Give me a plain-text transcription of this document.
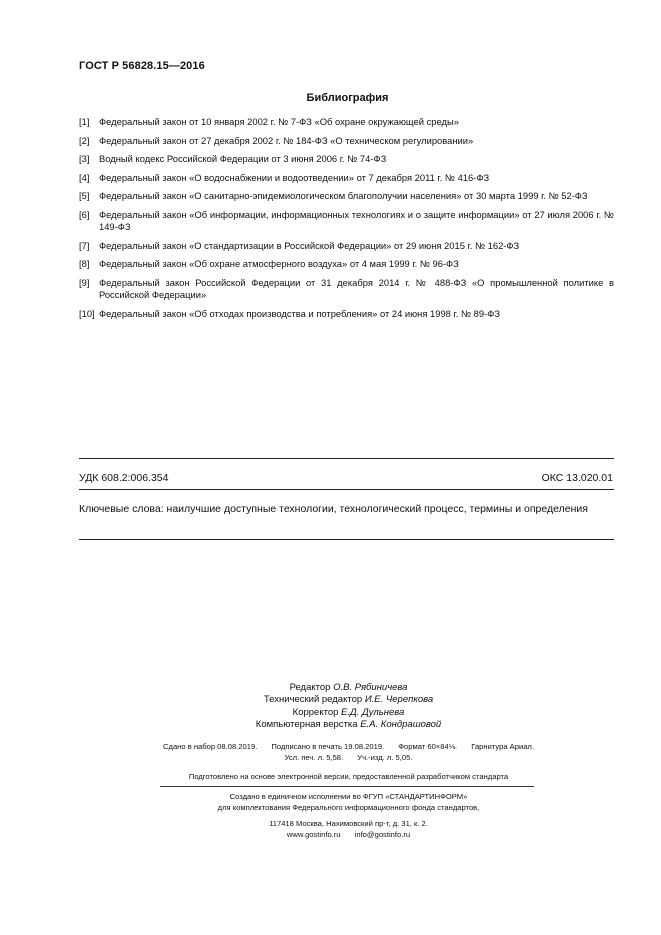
ГОСТ Р 56828.15—2016
Библиография
[1]	Федеральный закон от 10 января 2002 г. № 7-ФЗ «Об охране окружающей среды»
[2]	Федеральный закон от 27 декабря 2002 г. № 184-ФЗ «О техническом регулировании»
[3]	Водный кодекс Российской Федерации от 3 июня 2006 г. № 74-ФЗ
[4]	Федеральный закон «О водоснабжении и водоотведении» от 7 декабря 2011 г. № 416-ФЗ
[5]	Федеральный закон «О санитарно-эпидемиологическом благополучии населения» от 30 марта 1999 г. № 52-ФЗ
[6]	Федеральный закон «Об информации, информационных технологиях и о защите информации» от 27 июля 2006 г. № 149-ФЗ
[7]	Федеральный закон «О стандартизации в Российской Федерации» от 29 июня 2015 г. № 162-ФЗ
[8]	Федеральный закон «Об охране атмосферного воздуха» от 4 мая 1999 г. № 96-ФЗ
[9]	Федеральный закон Российской Федерации от 31 декабря 2014 г. № 488-ФЗ «О промышленной политике в Российской Федерации»
[10] Федеральный закон «Об отходах производства и потребления» от 24 июня 1998 г. № 89-ФЗ
УДК 608.2:006.354	ОКС 13.020.01
Ключевые слова: наилучшие доступные технологии, технологический процесс, термины и определения
Редактор О.В. Рябиничева
Технический редактор И.Е. Черепкова
Корректор Е.Д. Дульнева
Компьютерная верстка Е.А. Кондрашовой
Сдано в набор 08.08.2019. Подписано в печать 19.08.2019. Формат 60×84⅛. Гарнитура Ариал.
Усл. печ. л. 5,58. Уч.-изд. л. 5,05.
Подготовлено на основе электронной версии, предоставленной разработчиком стандарта
Создано в единичном исполнении во ФГУП «СТАНДАРТИНФОРМ»
для комплектования Федерального информационного фонда стандартов,
117418 Москва, Нахимовский пр-т, д. 31, к. 2.
www.gostinfo.ru info@gostinfo.ru
